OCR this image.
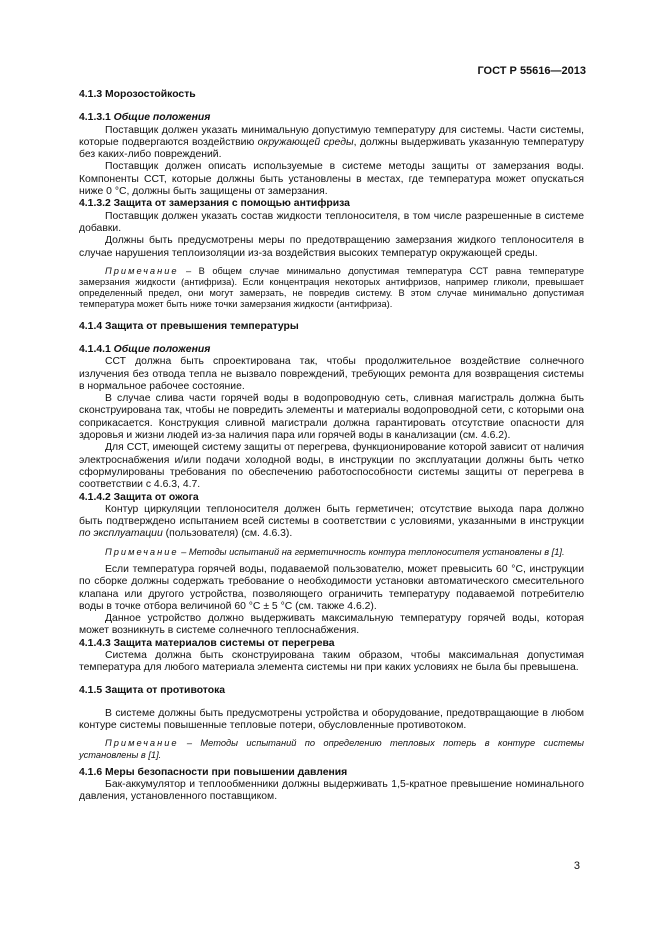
ГОСТ Р 55616—2013
4.1.3 Морозостойкость
4.1.3.1 Общие положения

Поставщик должен указать минимальную допустимую температуру для системы. Части системы, которые подвергаются воздействию окружающей среды, должны выдерживать указанную температуру без каких-либо повреждений.

Поставщик должен описать используемые в системе методы защиты от замерзания воды. Компоненты ССТ, которые должны быть установлены в местах, где температура может опускаться ниже 0 °С, должны быть защищены от замерзания.

4.1.3.2 Защита от замерзания с помощью антифриза

Поставщик должен указать состав жидкости теплоносителя, в том числе разрешенные в системе добавки.

Должны быть предусмотрены меры по предотвращению замерзания жидкого теплоносителя в случае нарушения теплоизоляции из-за воздействия высоких температур окружающей среды.

Примечание – В общем случае минимально допустимая температура ССТ равна температуре замерзания жидкости (антифриза). Если концентрация некоторых антифризов, например гликоли, превышает определенный предел, они могут замерзать, не повредив систему. В этом случае минимально допустимая температура может быть ниже точки замерзания жидкости (антифриза).

4.1.4 Защита от превышения температуры
4.1.4.1 Общие положения

ССТ должна быть спроектирована так, чтобы продолжительное воздействие солнечного излучения без отвода тепла не вызвало повреждений, требующих ремонта для возвращения системы в нормальное рабочее состояние.

В случае слива части горячей воды в водопроводную сеть, сливная магистраль должна быть сконструирована так, чтобы не повредить элементы и материалы водопроводной сети, с которыми она соприкасается. Конструкция сливной магистрали должна гарантировать отсутствие опасности для здоровья и жизни людей из-за наличия пара или горячей воды в канализации (см. 4.6.2).

Для ССТ, имеющей систему защиты от перегрева, функционирование которой зависит от наличия электроснабжения и/или подачи холодной воды, в инструкции по эксплуатации должны быть четко сформулированы требования по обеспечению работоспособности системы защиты от перегрева в соответствии с 4.6.3, 4.7.

4.1.4.2 Защита от ожога

Контур циркуляции теплоносителя должен быть герметичен; отсутствие выхода пара должно быть подтверждено испытанием всей системы в соответствии с условиями, указанными в инструкции по эксплуатации (пользователя) (см. 4.6.3).

Примечание – Методы испытаний на герметичность контура теплоносителя установлены в [1].

Если температура горячей воды, подаваемой пользователю, может превысить 60 °С, инструкции по сборке должны содержать требование о необходимости установки автоматического смесительного клапана или другого устройства, позволяющего ограничить температуру подаваемой потребителю воды в точке отбора величиной 60 °С ± 5 °С (см. также 4.6.2).

Данное устройство должно выдерживать максимальную температуру горячей воды, которая может возникнуть в системе солнечного теплоснабжения.

4.1.4.3 Защита материалов системы от перегрева

Система должна быть сконструирована таким образом, чтобы максимальная допустимая температура для любого материала элемента системы ни при каких условиях не была бы превышена.

4.1.5 Защита от противотока

В системе должны быть предусмотрены устройства и оборудование, предотвращающие в любом контуре системы повышенные тепловые потери, обусловленные противотоком.

Примечание – Методы испытаний по определению тепловых потерь в контуре системы установлены в [1].

4.1.6 Меры безопасности при повышении давления

Бак-аккумулятор и теплообменники должны выдерживать 1,5-кратное превышение номинального давления, установленного поставщиком.

3
